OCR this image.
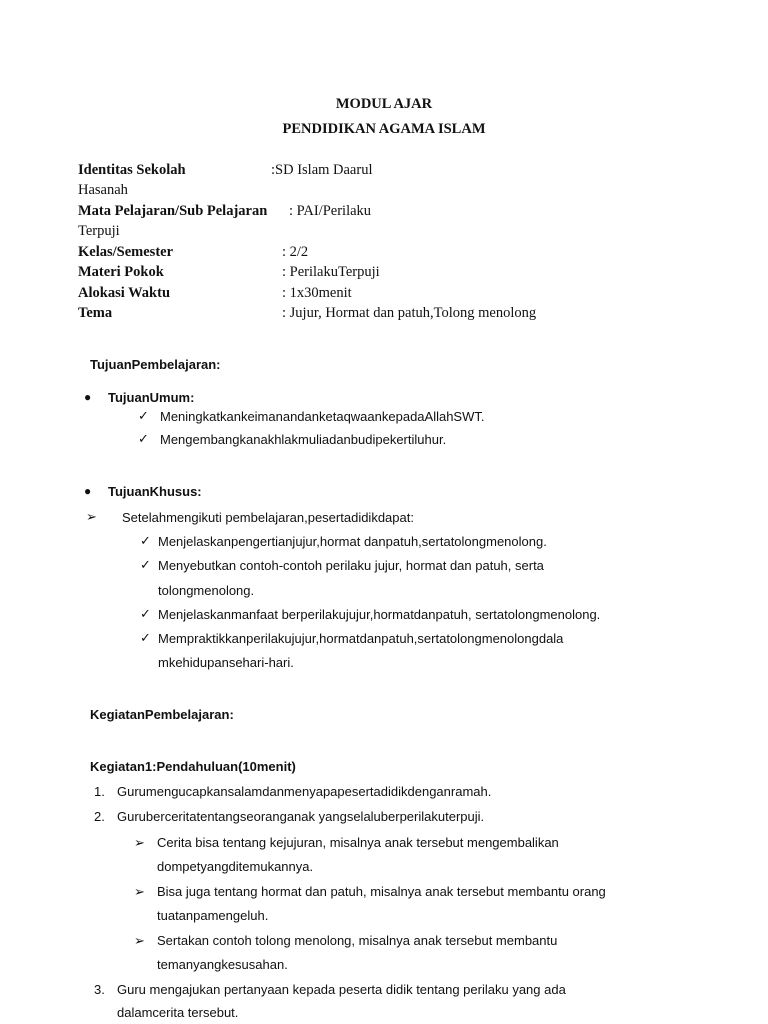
MODUL AJAR
PENDIDIKAN AGAMA ISLAM
Identitas Sekolah	:SD Islam Daarul
Hasanah
Mata Pelajaran/Sub Pelajaran : PAI/Perilaku
Terpuji
Kelas/Semester	: 2/2
Materi Pokok	: PerilakuTerpuji
Alokasi Waktu	: 1x30menit
Tema	: Jujur, Hormat dan patuh,Tolong menolong
TujuanPembelajaran:
● TujuanUmum:
✓ MeningkatkankeimanandanketaqwaankepadaAllahSWT.
✓ Mengembangkanakhlakmuliadanbudipekertiluhur.
● TujuanKhusus:
➢ Setelahmengikuti pembelajaran,pesertadidikdapat:
✓ Menjelaskanpengertianjujur,hormat danpatuh,sertatolongmenolong.
✓ Menyebutkan contoh-contoh perilaku jujur, hormat dan patuh, serta
tolongmenolong.
✓ Menjelaskanmanfaat berperilakujujur,hormatdanpatuh, sertatolongmenolong.
✓ Mempraktikkanperilakujujur,hormatdanpatuh,sertatolongmenolongdala
mkehidupansehari-hari.
KegiatanPembelajaran:
Kegiatan1:Pendahuluan(10menit)
1. Gurumengucapkansalamdanmenyapapesertadidikdenganramah.
2. Guruberceritatentangseoranganak yangselaluberperilakuterpuji.
➢ Cerita bisa tentang kejujuran, misalnya anak tersebut mengembalikan
dompetyangditemukannya.
➢ Bisa juga tentang hormat dan patuh, misalnya anak tersebut membantu orang
tuatanpamengeluh.
➢ Sertakan contoh tolong menolong, misalnya anak tersebut membantu
temanyangkesusahan.
3. Guru mengajukan pertanyaan kepada peserta didik tentang perilaku yang ada
dalamcerita tersebut.
